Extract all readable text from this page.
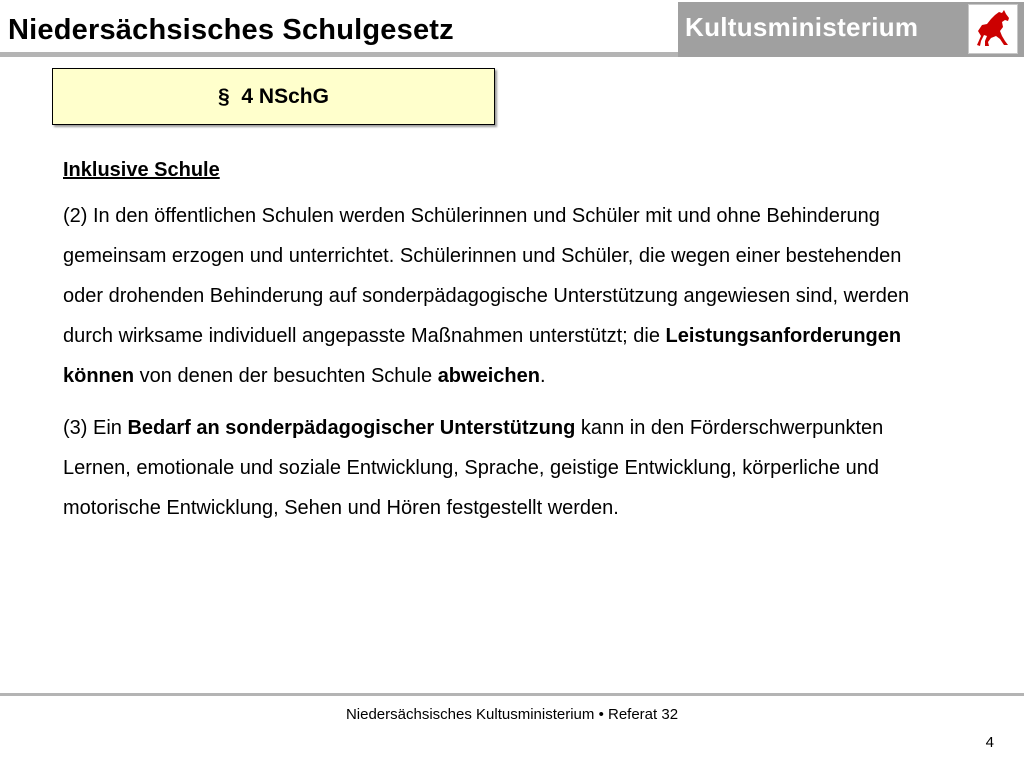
Niedersächsisches Schulgesetz	Kultusministerium
§  4 NSchG
Inklusive Schule

(2) In den öffentlichen Schulen werden Schülerinnen und Schüler mit und ohne Behinderung gemeinsam erzogen und unterrichtet. Schülerinnen und Schüler, die wegen einer bestehenden oder drohenden Behinderung auf sonderpädagogische Unterstützung angewiesen sind, werden durch wirksame individuell angepasste Maßnahmen unterstützt; die Leistungsanforderungen können von denen der besuchten Schule abweichen.

(3) Ein Bedarf an sonderpädagogischer Unterstützung kann in den Förderschwerpunkten Lernen, emotionale und soziale Entwicklung, Sprache, geistige Entwicklung, körperliche und motorische Entwicklung, Sehen und Hören festgestellt werden.

Niedersächsisches Kultusministerium • Referat 32
4
